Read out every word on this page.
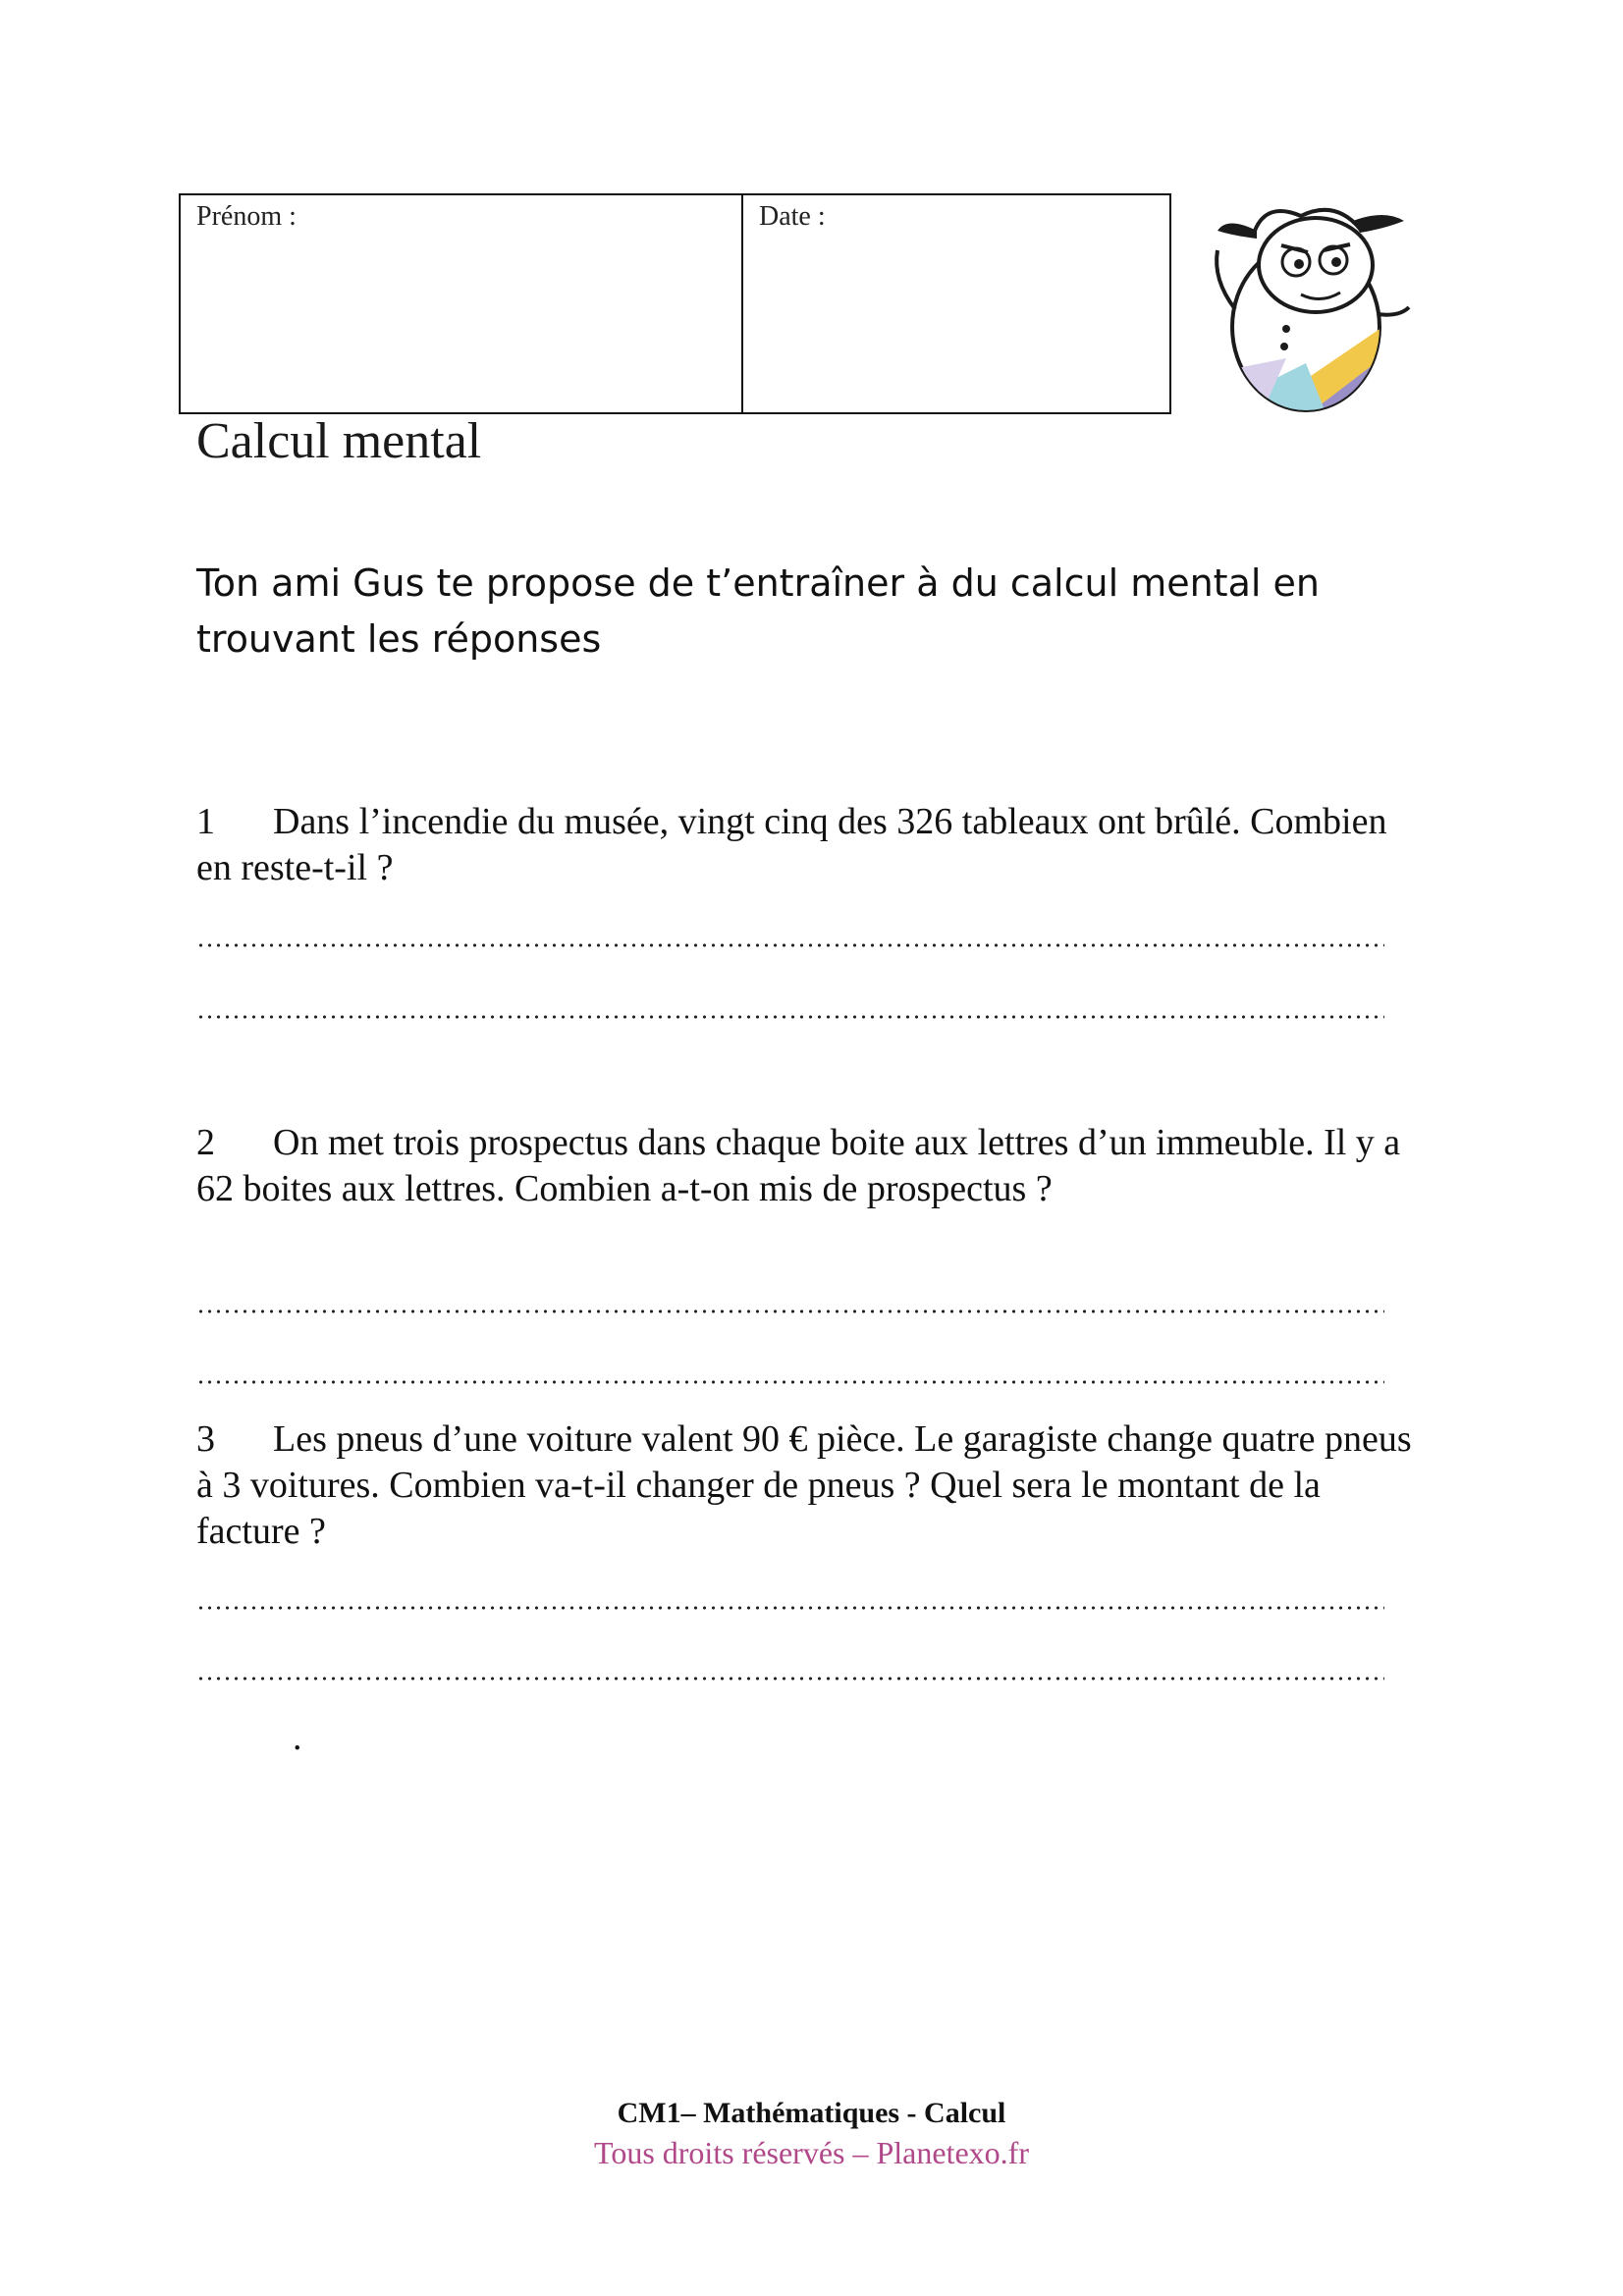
Prénom :	Date :
Calcul mental
Ton ami Gus te propose de t’entraîner à du calcul mental en trouvant les réponses
1 Dans l’incendie du musée, vingt cinq des 326 tableaux ont brûlé. Combien en reste-t-il ?
2 On met trois prospectus dans chaque boite aux lettres d’un immeuble. Il y a 62 boites aux lettres. Combien a-t-on mis de prospectus ?
3 Les pneus d’une voiture valent 90 € pièce. Le garagiste change quatre pneus à 3 voitures. Combien va-t-il changer de pneus ? Quel sera le montant de la facture ?
.
CM1– Mathématiques - Calcul
Tous droits réservés – Planetexo.fr
